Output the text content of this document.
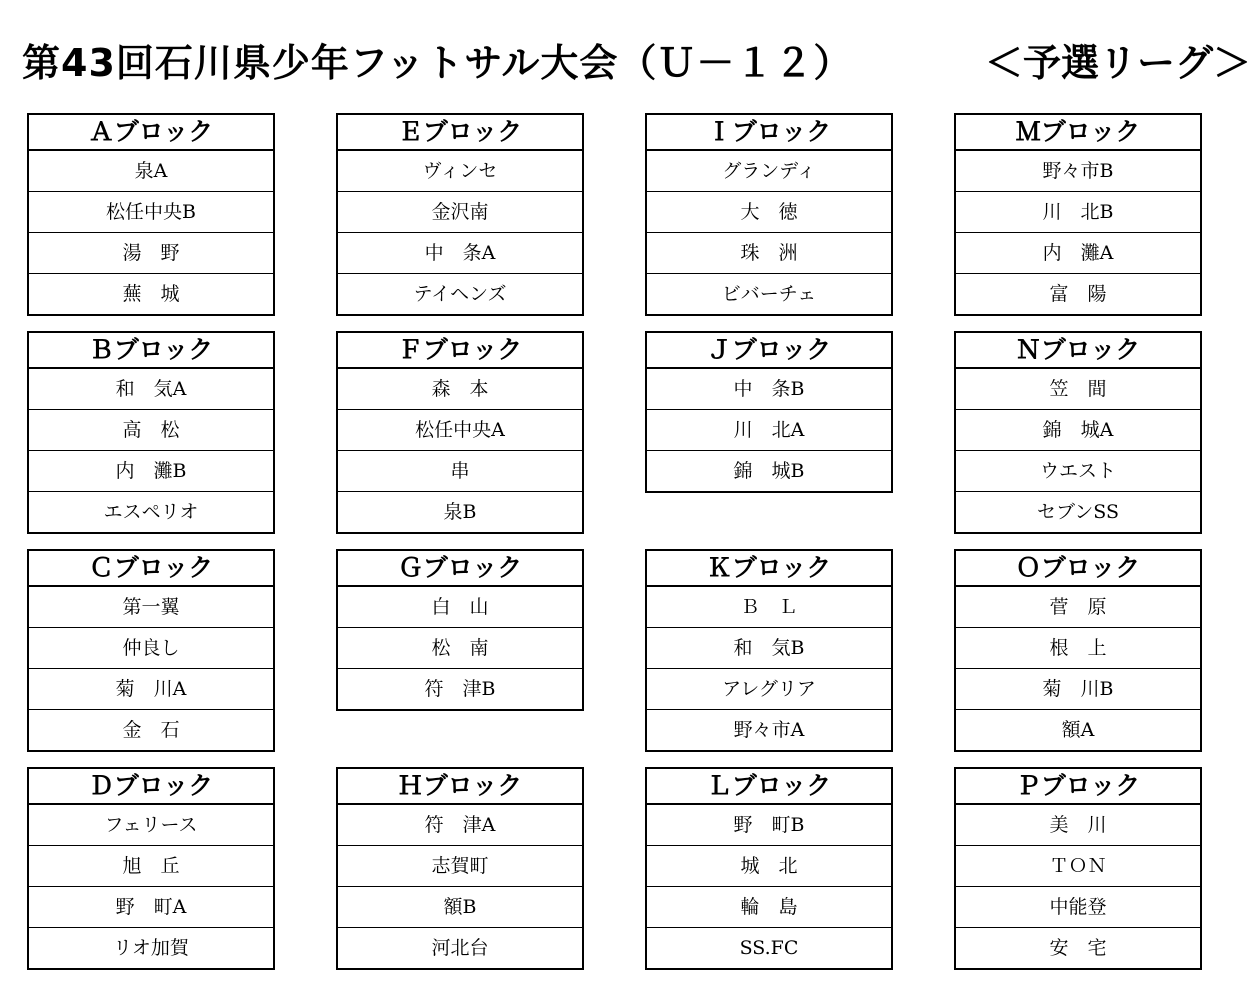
第43回石川県少年フットサル大会（Ｕ－１２）	＜予選リーグ＞
Ａブロック
泉A
松任中央B
湯　野
蕪　城
Ｅブロック
ヴィンセ
金沢南
中　条A
テイヘンズ
Ｉブロック
グランディ
大　徳
珠　洲
ビバーチェ
Ｍブロック
野々市B
川　北B
内　灘A
富　陽
Ｂブロック
和　気A
高　松
内　灘B
エスペリオ
Ｆブロック
森　本
松任中央A
串
泉B
Ｊブロック
中　条B
川　北A
錦　城B
Ｎブロック
笠　間
錦　城A
ウエスト
セブンSS
Ｃブロック
第一翼
仲良し
菊　川A
金　石
Ｇブロック
白　山
松　南
符　津B
Ｋブロック
Ｂ　Ｌ
和　気B
アレグリア
野々市A
Ｏブロック
菅　原
根　上
菊　川B
額A
Ｄブロック
フェリース
旭　丘
野　町A
リオ加賀
Ｈブロック
符　津A
志賀町
額B
河北台
Ｌブロック
野　町B
城　北
輪　島
SS.FC
Ｐブロック
美　川
ＴＯＮ
中能登
安　宅
